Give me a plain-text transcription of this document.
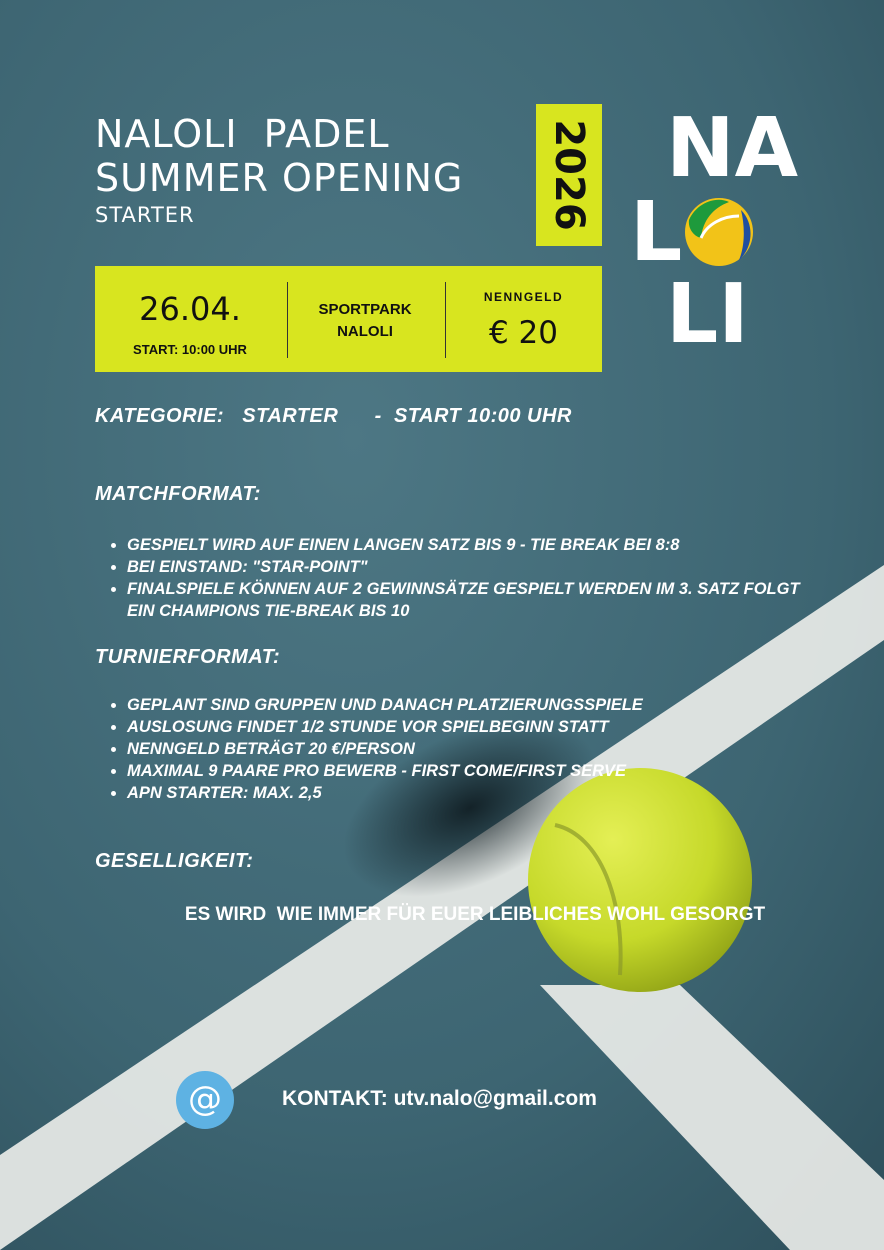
NALOLI  PADEL
SUMMER OPENING
STARTER	2026
26.04.
START: 10:00 UHR
SPORTPARK
NALOLI
NENNGELD
€ 20
NA
L
LI
KATEGORIE:   STARTER      -  START 10:00 UHR
MATCHFORMAT:
• GESPIELT WIRD AUF EINEN LANGEN SATZ BIS 9 - TIE BREAK BEI 8:8
• BEI EINSTAND: "STAR-POINT"
• FINALSPIELE KÖNNEN AUF 2 GEWINNSÄTZE GESPIELT WERDEN IM 3. SATZ FOLGT EIN CHAMPIONS TIE-BREAK BIS 10
TURNIERFORMAT:
• GEPLANT SIND GRUPPEN UND DANACH PLATZIERUNGSSPIELE
• AUSLOSUNG FINDET 1/2 STUNDE VOR SPIELBEGINN STATT
• NENNGELD BETRÄGT 20 €/PERSON
• MAXIMAL 9 PAARE PRO BEWERB - FIRST COME/FIRST SERVE
• APN STARTER: MAX. 2,5
GESELLIGKEIT:
ES WIRD  WIE IMMER FÜR EUER LEIBLICHES WOHL GESORGT
@	KONTAKT: utv.nalo@gmail.com
